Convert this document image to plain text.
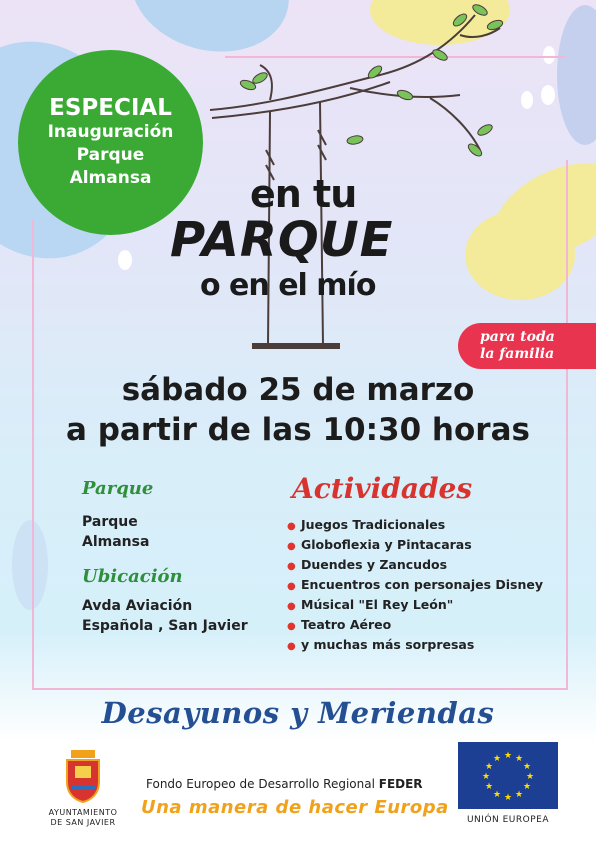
ESPECIAL
Inauguración
Parque
Almansa	en tu
PARQUE
o en el mío
para toda
la familia
sábado 25 de marzo
a partir de las 10:30 horas
Parque
Parque
Almansa
Ubicación
Avda Aviación
Española , San Javier
Actividades
● Juegos Tradicionales
● Globoflexia y Pintacaras
● Duendes y Zancudos
● Encuentros con personajes Disney
● Músical "El Rey León"
● Teatro Aéreo
● y muchas más sorpresas
Desayunos y Meriendas
AYUNTAMIENTO
DE SAN JAVIER
Fondo Europeo de Desarrollo Regional FEDER
Una manera de hacer Europa
★ ★
★
★
★
★
★
★
★
★
★
★
UNIÓN EUROPEA
